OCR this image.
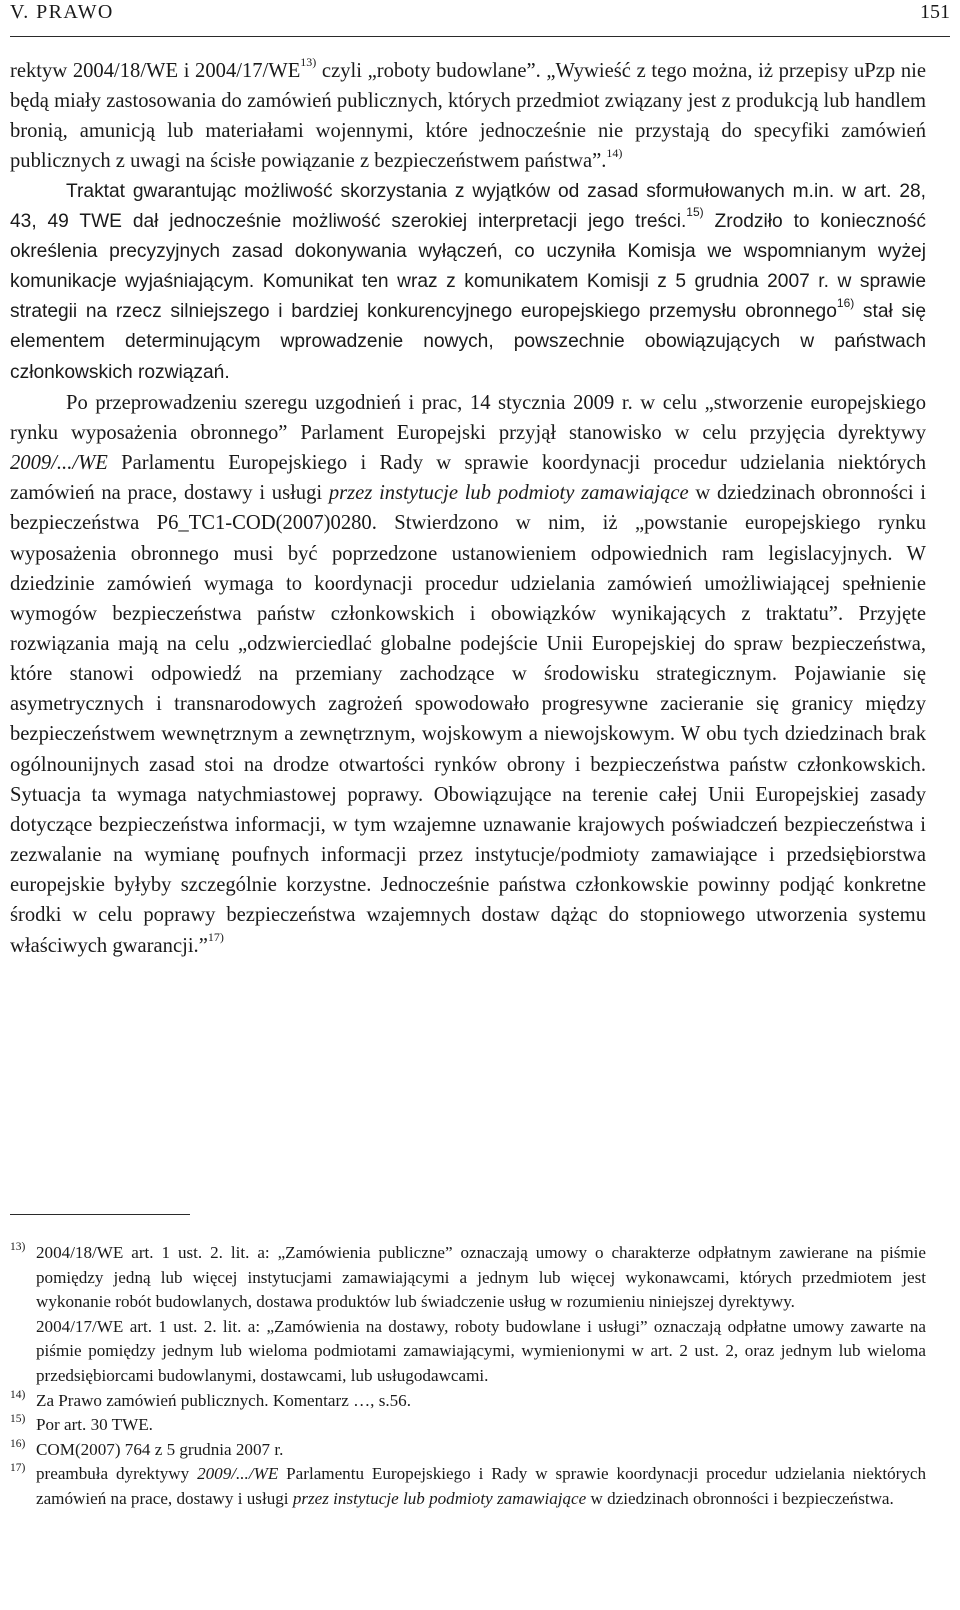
V. PRAWO	151

rektyw 2004/18/WE i 2004/17/WE$^{13)}$ czyli „roboty budowlane”. „Wywieść z tego można, iż przepisy uPzp nie będą miały zastosowania do zamówień publicznych, których przedmiot związany jest z produkcją lub handlem bronią, amunicją lub materiałami wojennymi, które jednocześnie nie przystają do specyfiki zamówień publicznych z uwagi na ścisłe powiązanie z bezpieczeństwem państwa”.$^{14)}$

Traktat gwarantując możliwość skorzystania z wyjątków od zasad sformułowanych m.in. w art. 28, 43, 49 TWE dał jednocześnie możliwość szerokiej interpretacji jego treści.$^{15)}$ Zrodziło to konieczność określenia precyzyjnych zasad dokonywania wyłączeń, co uczyniła Komisja we wspomnianym wyżej komunikacje wyjaśniającym. Komunikat ten wraz z komunikatem Komisji z 5 grudnia 2007 r. w sprawie strategii na rzecz silniejszego i bardziej konkurencyjnego europejskiego przemysłu obronnego$^{16)}$ stał się elementem determinującym wprowadzenie nowych, powszechnie obowiązujących w państwach członkowskich rozwiązań.

Po przeprowadzeniu szeregu uzgodnień i prac, 14 stycznia 2009 r. w celu „stworzenie europejskiego rynku wyposażenia obronnego” Parlament Europejski przyjął stanowisko w celu przyjęcia dyrektywy 2009/.../WE Parlamentu Europejskiego i Rady w sprawie koordynacji procedur udzielania niektórych zamówień na prace, dostawy i usługi przez instytucje lub podmioty zamawiające w dziedzinach obronności i bezpieczeństwa P6_TC1-COD(2007)0280. Stwierdzono w nim, iż „powstanie europejskiego rynku wyposażenia obronnego musi być poprzedzone ustanowieniem odpowiednich ram legislacyjnych. W dziedzinie zamówień wymaga to koordynacji procedur udzielania zamówień umożliwiającej spełnienie wymogów bezpieczeństwa państw członkowskich i obowiązków wynikających z traktatu”. Przyjęte rozwiązania mają na celu „odzwierciedlać globalne podejście Unii Europejskiej do spraw bezpieczeństwa, które stanowi odpowiedź na przemiany zachodzące w środowisku strategicznym. Pojawianie się asymetrycznych i transnarodowych zagrożeń spowodowało progresywne zacieranie się granicy między bezpieczeństwem wewnętrznym a zewnętrznym, wojskowym a niewojskowym. W obu tych dziedzinach brak ogólnounijnych zasad stoi na drodze otwartości rynków obrony i bezpieczeństwa państw członkowskich. Sytuacja ta wymaga natychmiastowej poprawy. Obowiązujące na terenie całej Unii Europejskiej zasady dotyczące bezpieczeństwa informacji, w tym wzajemne uznawanie krajowych poświadczeń bezpieczeństwa i zezwalanie na wymianę poufnych informacji przez instytucje/podmioty zamawiające i przedsiębiorstwa europejskie byłyby szczególnie korzystne. Jednocześnie państwa członkowskie powinny podjąć konkretne środki w celu poprawy bezpieczeństwa wzajemnych dostaw dążąc do stopniowego utworzenia systemu właściwych gwarancji.”$^{17)}$

13) 2004/18/WE art. 1 ust. 2. lit. a: „Zamówienia publiczne” oznaczają umowy o charakterze odpłatnym zawierane na piśmie pomiędzy jedną lub więcej instytucjami zamawiającymi a jednym lub więcej wykonawcami, których przedmiotem jest wykonanie robót budowlanych, dostawa produktów lub świadczenie usług w rozumieniu niniejszej dyrektywy.
2004/17/WE art. 1 ust. 2. lit. a: „Zamówienia na dostawy, roboty budowlane i usługi” oznaczają odpłatne umowy zawarte na piśmie pomiędzy jednym lub wieloma podmiotami zamawiającymi, wymienionymi w art. 2 ust. 2, oraz jednym lub wieloma przedsiębiorcami budowlanymi, dostawcami, lub usługodawcami.
14) Za Prawo zamówień publicznych. Komentarz …, s.56.
15) Por art. 30 TWE.
16) COM(2007) 764 z 5 grudnia 2007 r.
17) preambuła dyrektywy 2009/.../WE Parlamentu Europejskiego i Rady w sprawie koordynacji procedur udzielania niektórych zamówień na prace, dostawy i usługi przez instytucje lub podmioty zamawiające w dziedzinach obronności i bezpieczeństwa.
